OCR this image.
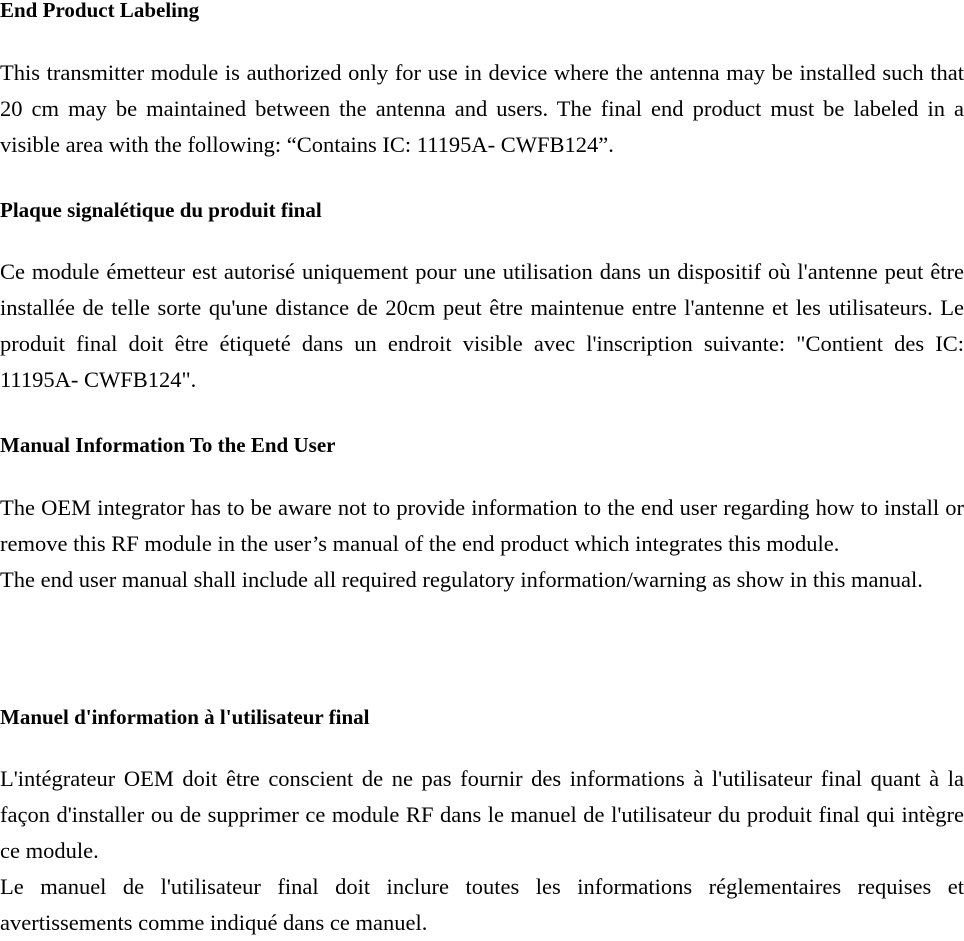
End Product Labeling

This transmitter module is authorized only for use in device where the antenna may be installed such that 20 cm may be maintained between the antenna and users. The final end product must be labeled in a visible area with the following: “Contains IC: 11195A- CWFB124”.

Plaque signalétique du produit final

Ce module émetteur est autorisé uniquement pour une utilisation dans un dispositif où l'antenne peut être installée de telle sorte qu'une distance de 20cm peut être maintenue entre l'antenne et les utilisateurs. Le produit final doit être étiqueté dans un endroit visible avec l'inscription suivante: "Contient des IC: 11195A- CWFB124".

Manual Information To the End User

The OEM integrator has to be aware not to provide information to the end user regarding how to install or remove this RF module in the user’s manual of the end product which integrates this module.
The end user manual shall include all required regulatory information/warning as show in this manual.

Manuel d'information à l'utilisateur final

L'intégrateur OEM doit être conscient de ne pas fournir des informations à l'utilisateur final quant à la façon d'installer ou de supprimer ce module RF dans le manuel de l'utilisateur du produit final qui intègre ce module.
Le manuel de l'utilisateur final doit inclure toutes les informations réglementaires requises et avertissements comme indiqué dans ce manuel.
